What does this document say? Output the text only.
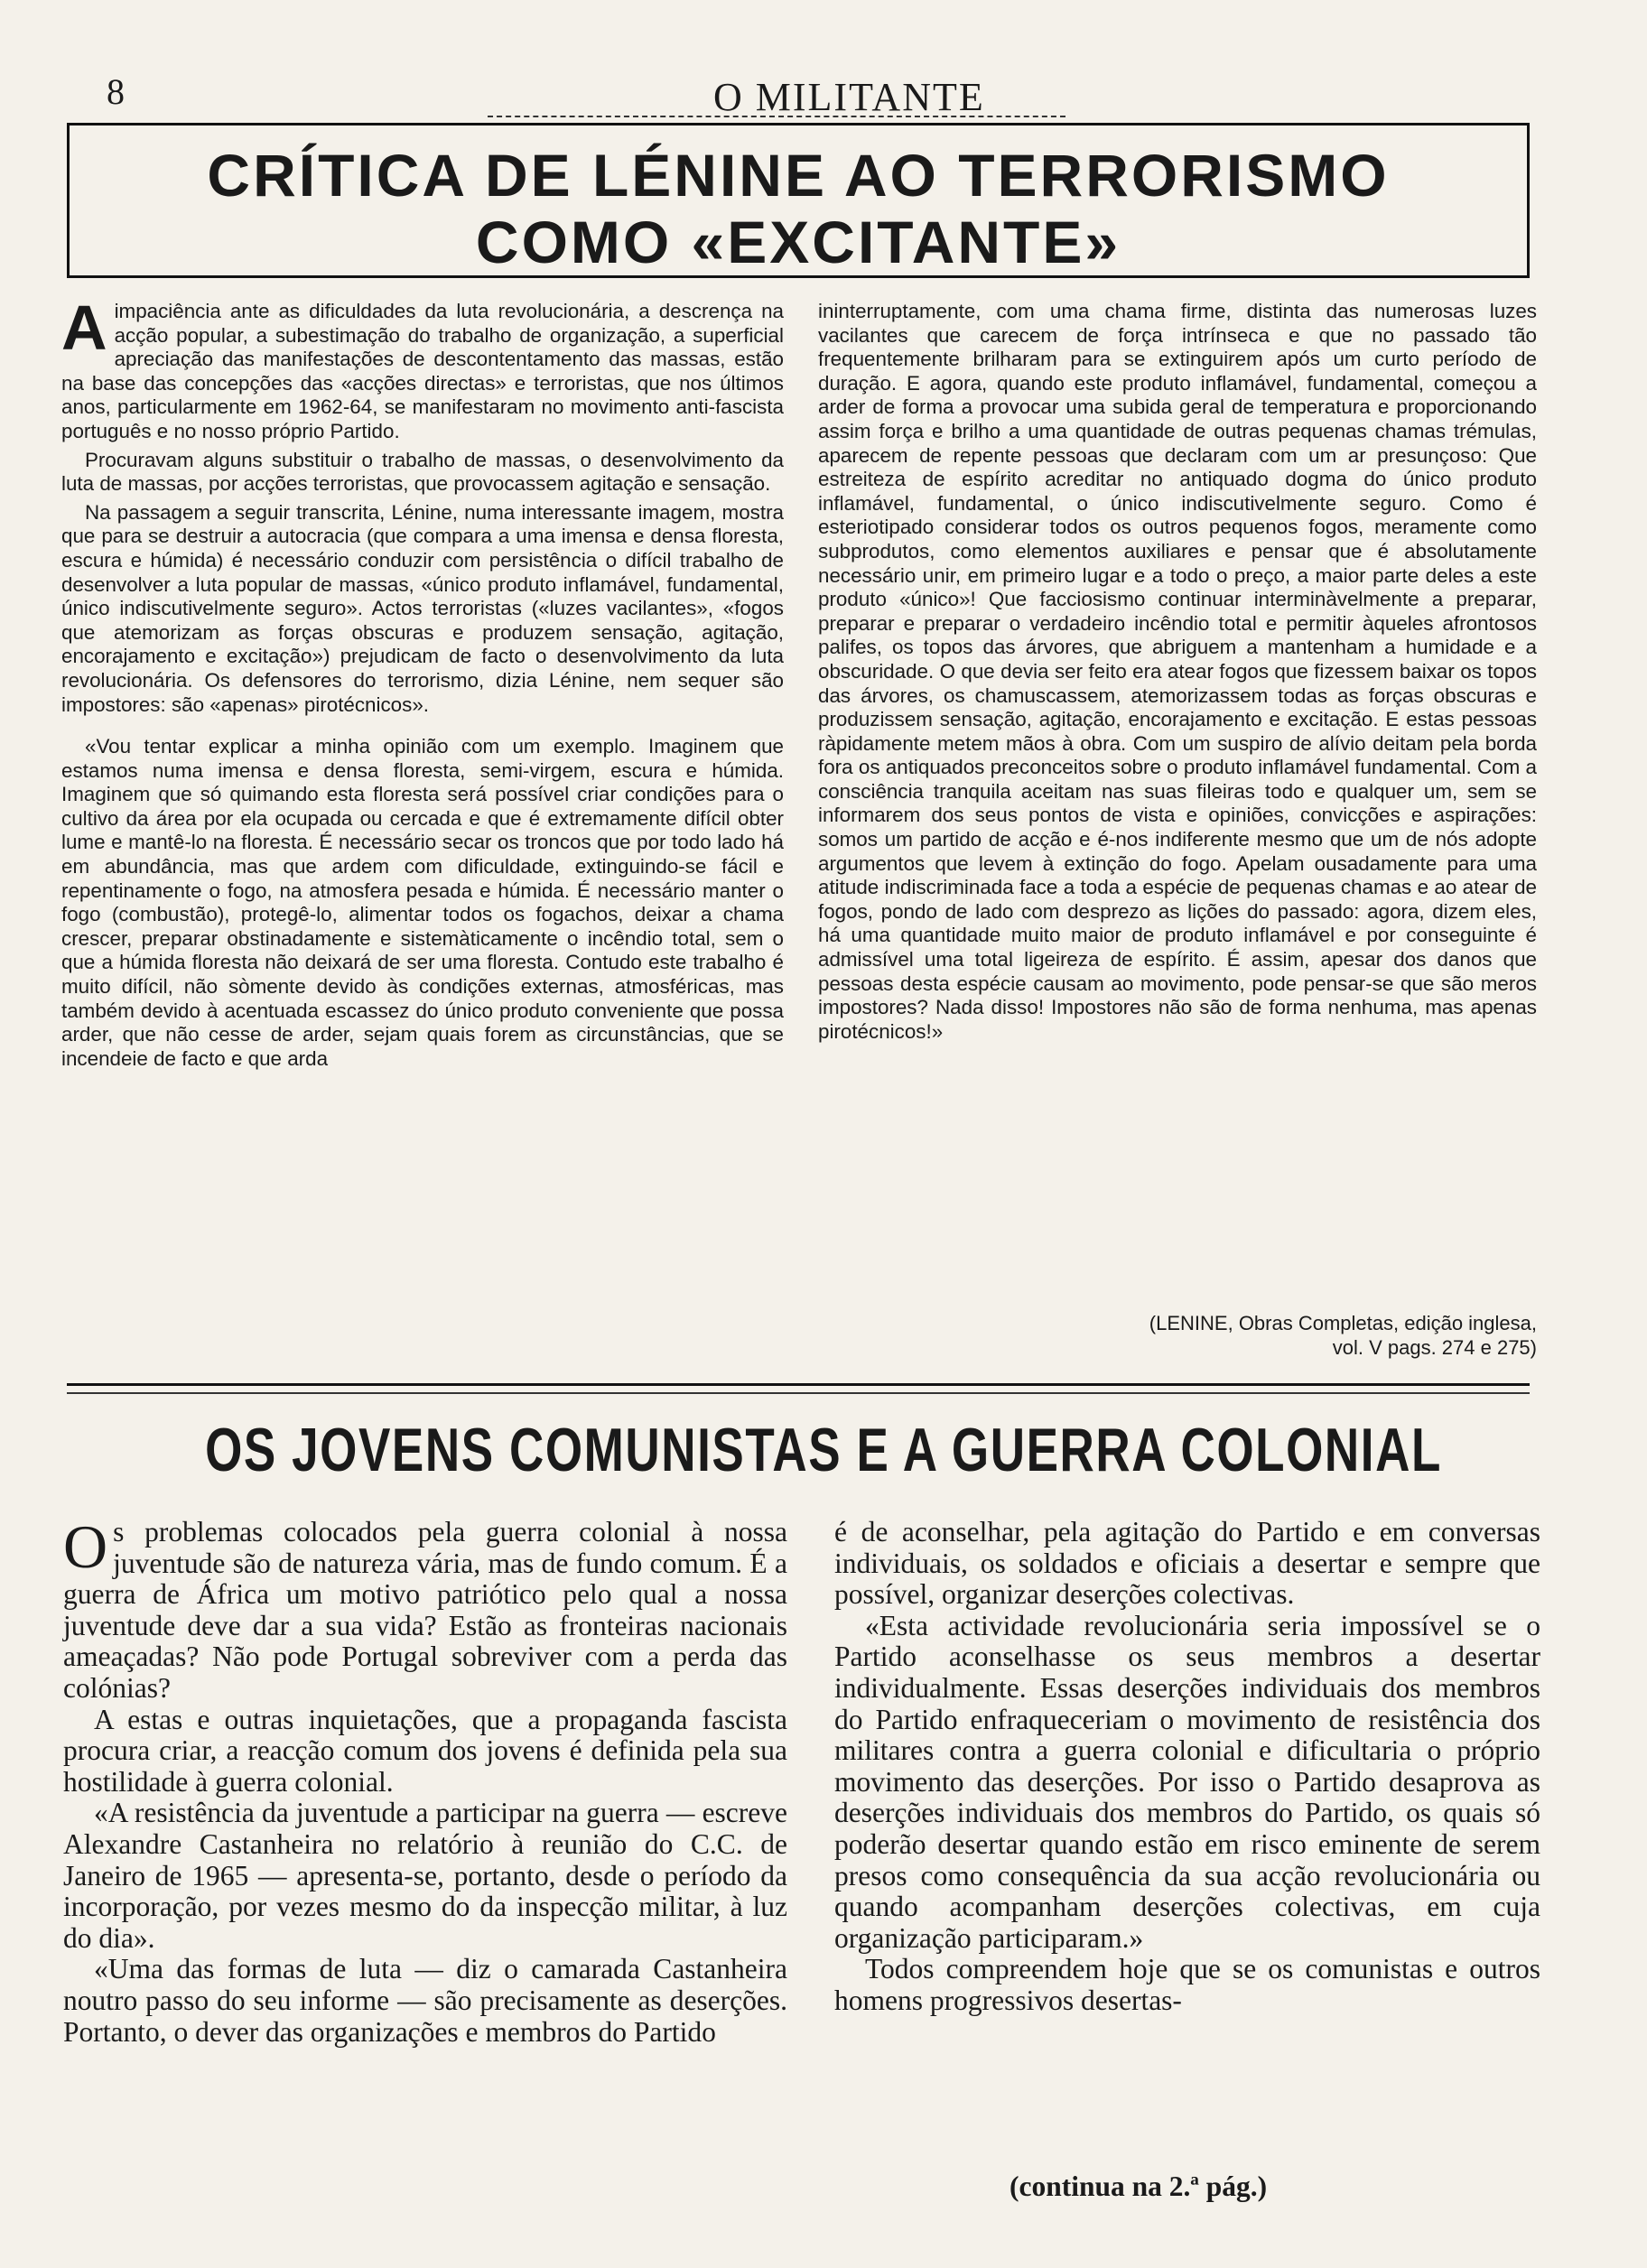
8	O MILITANTE
CRÍTICA DE LÉNINE AO TERRORISMO
COMO «EXCITANTE»

Aimpaciência ante as dificuldades da luta revolucionária, a descrença na acção popular, a subestimação do trabalho de organização, a superficial apreciação das manifestações de descontentamento das massas, estão na base das concepções das «acções directas» e terroristas, que nos últimos anos, particularmente em 1962-64, se manifestaram no movimento anti-fascista português e no nosso próprio Partido.

Procuravam alguns substituir o trabalho de massas, o desenvolvimento da luta de massas, por acções terroristas, que provocassem agitação e sensação.

Na passagem a seguir transcrita, Lénine, numa interessante imagem, mostra que para se destruir a autocracia (que compara a uma imensa e densa floresta, escura e húmida) é necessário conduzir com persistência o difícil trabalho de desenvolver a luta popular de massas, «único produto inflamável, fundamental, único indiscutivelmente seguro». Actos terroristas («luzes vacilantes», «fogos que atemorizam as forças obscuras e produzem sensação, agitação, encorajamento e excitação») prejudicam de facto o desenvolvimento da luta revolucionária. Os defensores do terrorismo, dizia Lénine, nem sequer são impostores: são «apenas» pirotécnicos».

«Vou tentar explicar a minha opinião com um exemplo. Imaginem que estamos numa imensa e densa floresta, semi-virgem, escura e húmida. Imaginem que só quimando esta floresta será possível criar condições para o cultivo da área por ela ocupada ou cercada e que é extremamente difícil obter lume e mantê-lo na floresta. É necessário secar os troncos que por todo lado há em abundância, mas que ardem com dificuldade, extinguindo-se fácil e repentinamente o fogo, na atmosfera pesada e húmida. É necessário manter o fogo (combustão), protegê-lo, alimentar todos os fogachos, deixar a chama crescer, preparar obstinadamente e sistemàticamente o incêndio total, sem o que a húmida floresta não deixará de ser uma floresta. Contudo este trabalho é muito difícil, não sòmente devido às condições externas, atmosféricas, mas também devido à acentuada escassez do único produto conveniente que possa arder, que não cesse de arder, sejam quais forem as circunstâncias, que se incendeie de facto e que arda

ininterruptamente, com uma chama firme, distinta das numerosas luzes vacilantes que carecem de força intrínseca e que no passado tão frequentemente brilharam para se extinguirem após um curto período de duração. E agora, quando este produto inflamável, fundamental, começou a arder de forma a provocar uma subida geral de temperatura e proporcionando assim força e brilho a uma quantidade de outras pequenas chamas trémulas, aparecem de repente pessoas que declaram com um ar presunçoso: Que estreiteza de espírito acreditar no antiquado dogma do único produto inflamável, fundamental, o único indiscutivelmente seguro. Como é esteriotipado considerar todos os outros pequenos fogos, meramente como subprodutos, como elementos auxiliares e pensar que é absolutamente necessário unir, em primeiro lugar e a todo o preço, a maior parte deles a este produto «único»! Que facciosismo continuar interminàvelmente a preparar, preparar e preparar o verdadeiro incêndio total e permitir àqueles afrontosos palifes, os topos das árvores, que abriguem a mantenham a humidade e a obscuridade. O que devia ser feito era atear fogos que fizessem baixar os topos das árvores, os chamuscassem, atemorizassem todas as forças obscuras e produzissem sensação, agitação, encorajamento e excitação. E estas pessoas ràpidamente metem mãos à obra. Com um suspiro de alívio deitam pela borda fora os antiquados preconceitos sobre o produto inflamável fundamental. Com a consciência tranquila aceitam nas suas fileiras todo e qualquer um, sem se informarem dos seus pontos de vista e opiniões, convicções e aspirações: somos um partido de acção e é-nos indiferente mesmo que um de nós adopte argumentos que levem à extinção do fogo. Apelam ousadamente para uma atitude indiscriminada face a toda a espécie de pequenas chamas e ao atear de fogos, pondo de lado com desprezo as lições do passado: agora, dizem eles, há uma quantidade muito maior de produto inflamável e por conseguinte é admissível uma total ligeireza de espírito. É assim, apesar dos danos que pessoas desta espécie causam ao movimento, pode pensar-se que são meros impostores? Nada disso! Impostores não são de forma nenhuma, mas apenas pirotécnicos!»

(LENINE, Obras Completas, edição inglesa,
vol. V pags. 274 e 275)
OS JOVENS COMUNISTAS E A GUERRA COLONIAL

Os problemas colocados pela guerra colonial à nossa juventude são de natureza vária, mas de fundo comum. É a guerra de África um motivo patriótico pelo qual a nossa juventude deve dar a sua vida? Estão as fronteiras nacionais ameaçadas? Não pode Portugal sobreviver com a perda das colónias?

A estas e outras inquietações, que a propaganda fascista procura criar, a reacção comum dos jovens é definida pela sua hostilidade à guerra colonial.

«A resistência da juventude a participar na guerra — escreve Alexandre Castanheira no relatório à reunião do C.C. de Janeiro de 1965 — apresenta-se, portanto, desde o período da incorporação, por vezes mesmo do da inspecção militar, à luz do dia».

«Uma das formas de luta — diz o camarada Castanheira noutro passo do seu informe — são precisamente as deserções. Portanto, o dever das organizações e membros do Partido

é de aconselhar, pela agitação do Partido e em conversas individuais, os soldados e oficiais a desertar e sempre que possível, organizar deserções colectivas.

«Esta actividade revolucionária seria impossível se o Partido aconselhasse os seus membros a desertar individualmente. Essas deserções individuais dos membros do Partido enfraqueceriam o movimento de resistência dos militares contra a guerra colonial e dificultaria o próprio movimento das deserções. Por isso o Partido desaprova as deserções individuais dos membros do Partido, os quais só poderão desertar quando estão em risco eminente de serem presos como consequência da sua acção revolucionária ou quando acompanham deserções colectivas, em cuja organização participaram.»

Todos compreendem hoje que se os comunistas e outros homens progressivos desertas-

(continua na 2.ª pág.)
